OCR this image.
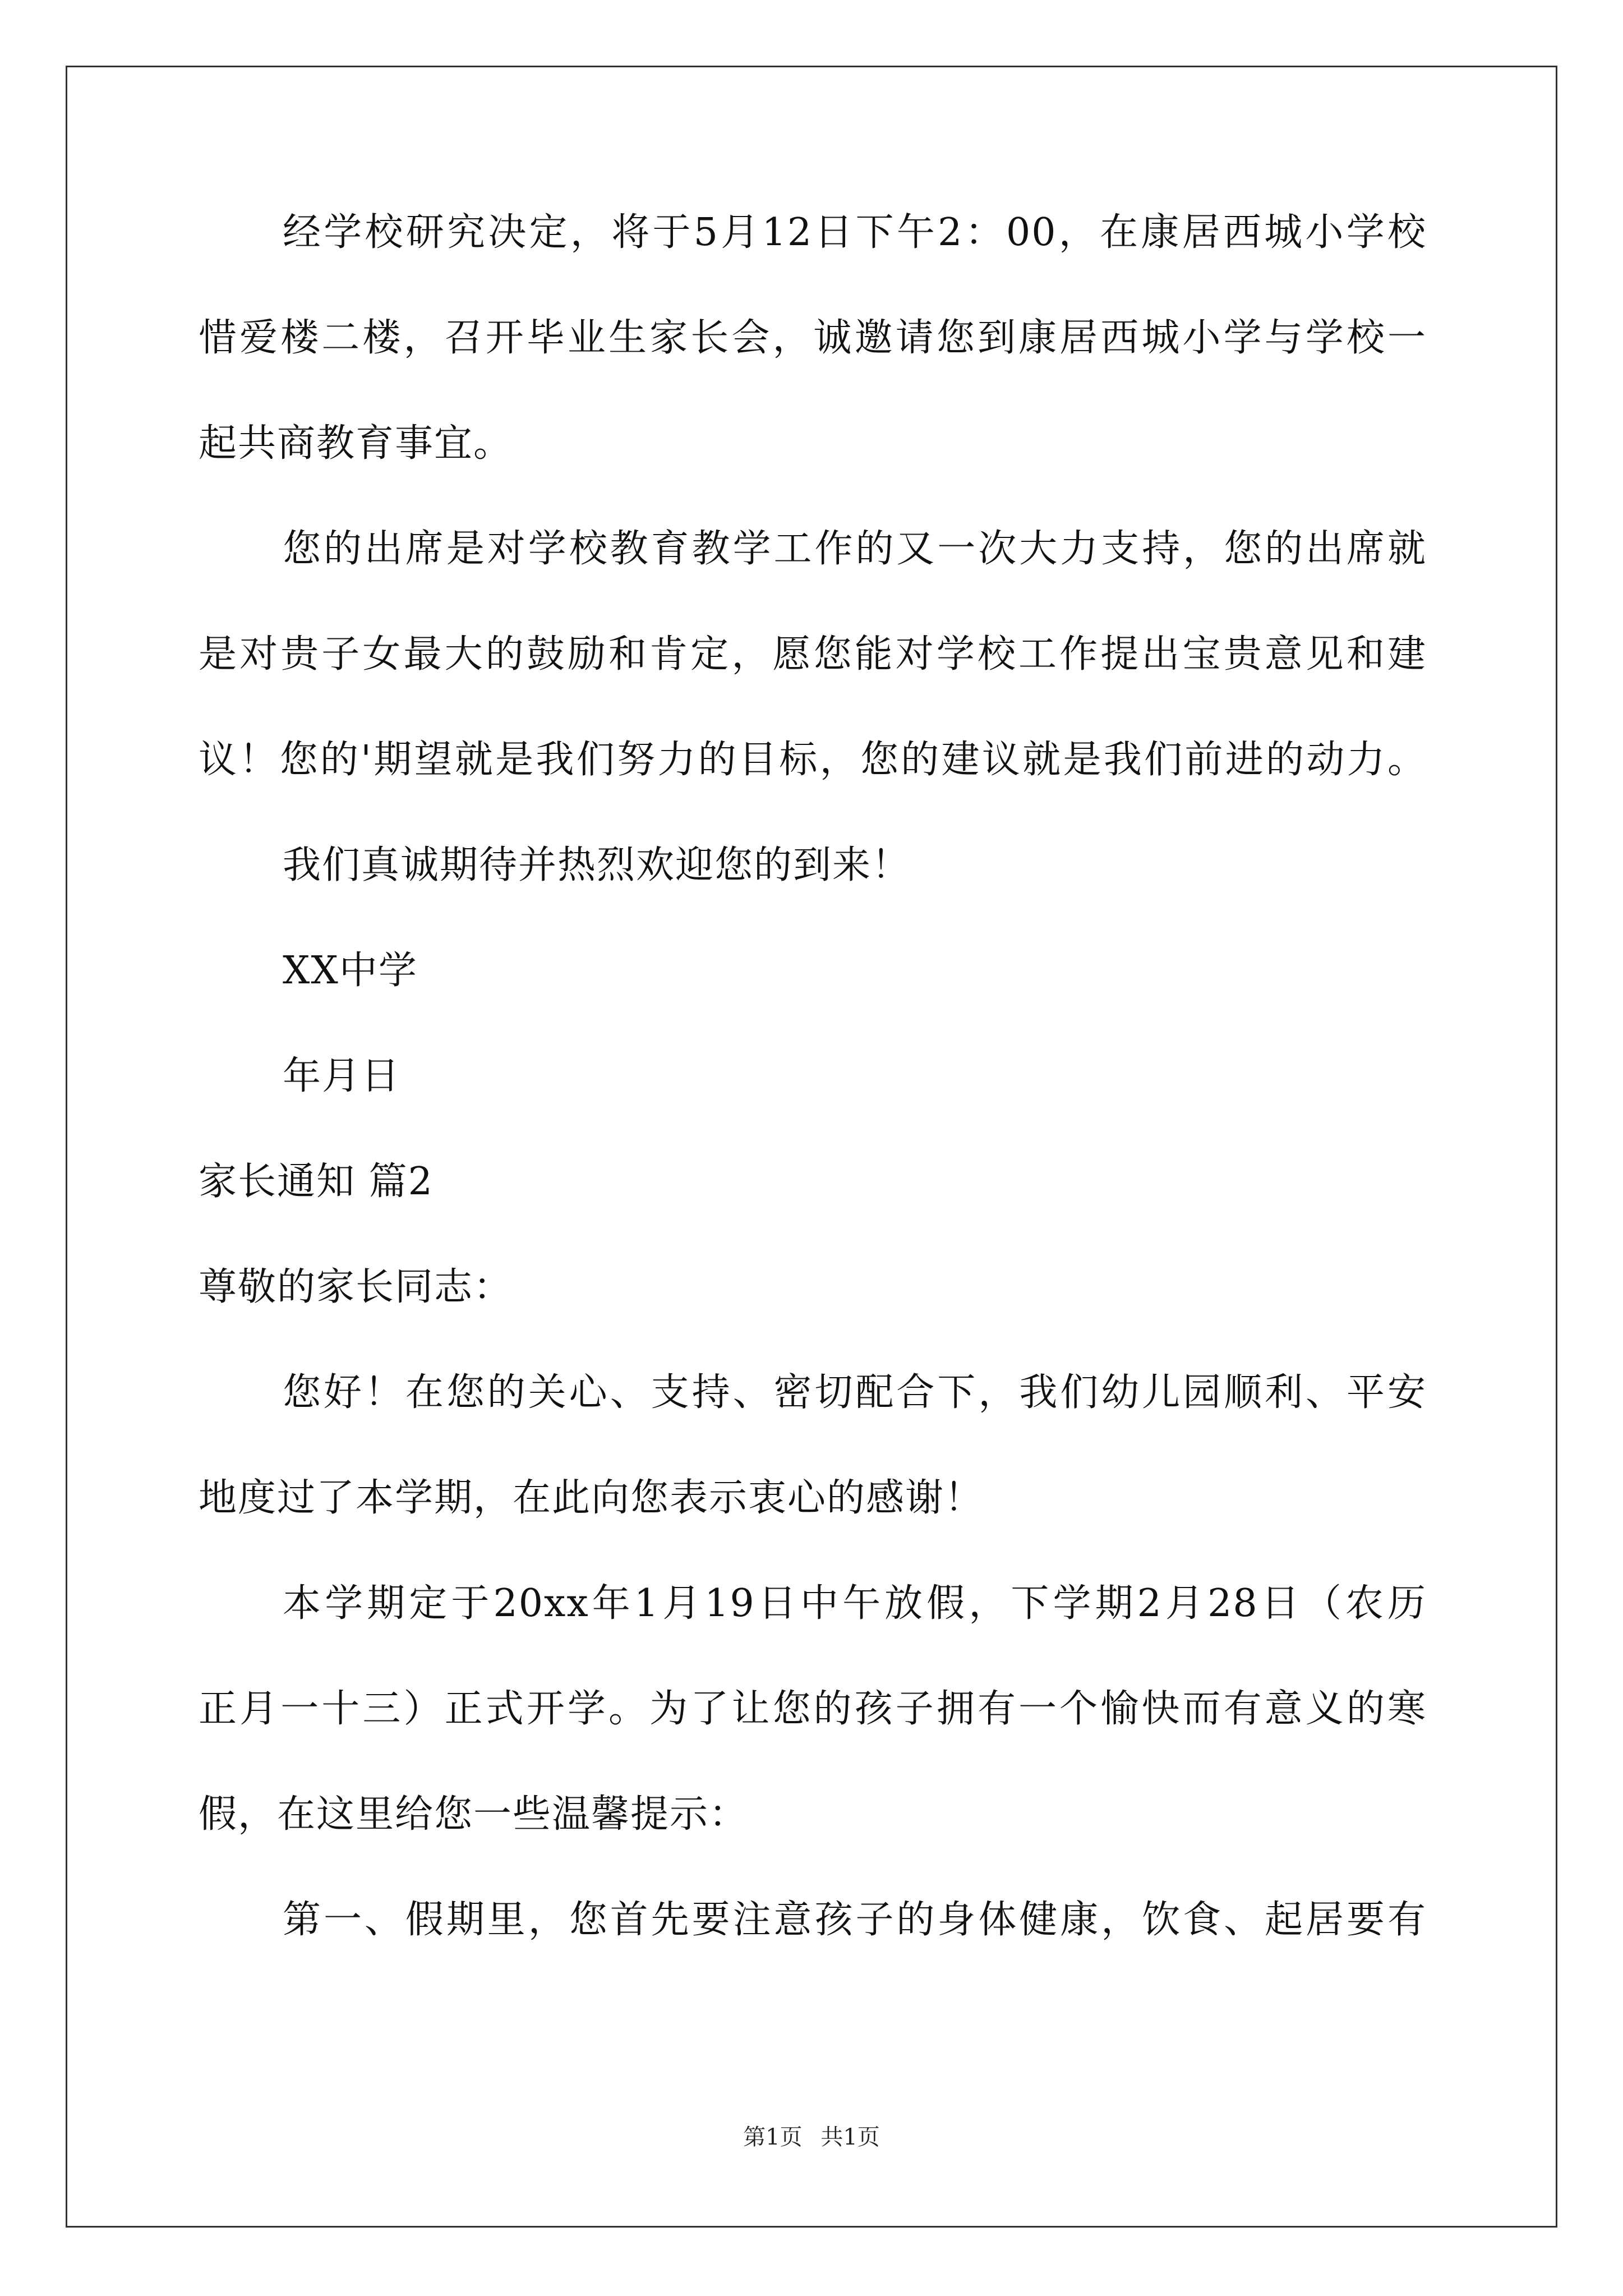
经学校研究决定，将于5月12日下午2：00，在康居西城小学校
惜爱楼二楼，召开毕业生家长会，诚邀请您到康居西城小学与学校一
起共商教育事宜。
您的出席是对学校教育教学工作的又一次大力支持，您的出席就
是对贵子女最大的鼓励和肯定，愿您能对学校工作提出宝贵意见和建
议！您的'期望就是我们努力的目标，您的建议就是我们前进的动力。
我们真诚期待并热烈欢迎您的到来！
XX中学
年月日
家长通知 篇2
尊敬的家长同志：
您好！在您的关心、支持、密切配合下，我们幼儿园顺利、平安
地度过了本学期，在此向您表示衷心的感谢！
本学期定于20xx年1月19日中午放假，下学期2月28日（农历
正月一十三）正式开学。为了让您的孩子拥有一个愉快而有意义的寒
假，在这里给您一些温馨提示：
第一、假期里，您首先要注意孩子的身体健康，饮食、起居要有
第1页 共1页
